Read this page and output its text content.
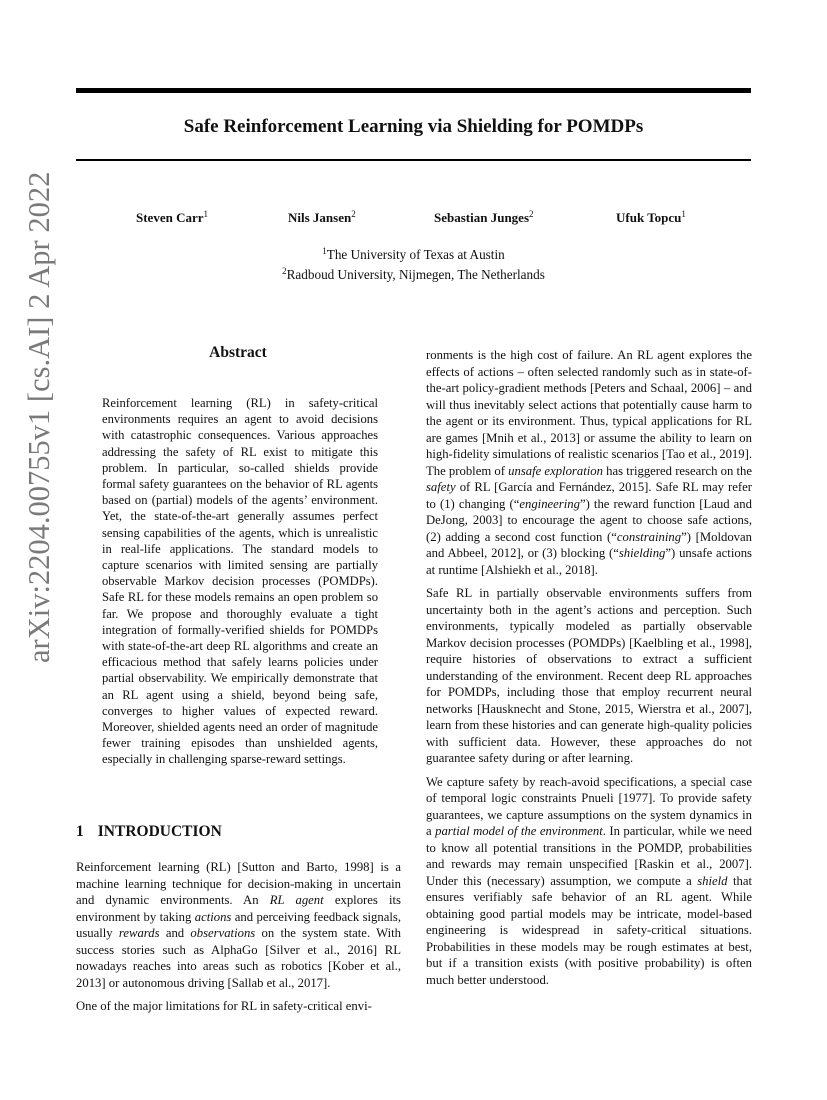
Safe Reinforcement Learning via Shielding for POMDPs
Steven Carr$^1$	Nils Jansen$^2$	Sebastian Junges$^2$	Ufuk Topcu$^1$
$^1$The University of Texas at Austin
$^2$Radboud University, Nijmegen, The Netherlands
arXiv:2204.00755v1 [cs.AI] 2 Apr 2022	Abstract
Reinforcement learning (RL) in safety-critical environments requires an agent to avoid decisions with catastrophic consequences. Various approaches addressing the safety of RL exist to mitigate this problem. In particular, so-called shields provide formal safety guarantees on the behavior of RL agents based on (partial) models of the agents’ environment. Yet, the state-of-the-art generally assumes perfect sensing capabilities of the agents, which is unrealistic in real-life applications. The standard models to capture scenarios with limited sensing are partially observable Markov decision processes (POMDPs). Safe RL for these models remains an open problem so far. We propose and thoroughly evaluate a tight integration of formally-verified shields for POMDPs with state-of-the-art deep RL algorithms and create an efficacious method that safely learns policies under partial observability. We empirically demonstrate that an RL agent using a shield, beyond being safe, converges to higher values of expected reward. Moreover, shielded agents need an order of magnitude fewer training episodes than unshielded agents, especially in challenging sparse-reward settings.
1 INTRODUCTION

Reinforcement learning (RL) [Sutton and Barto, 1998] is a machine learning technique for decision-making in uncertain and dynamic environments. An RL agent explores its environment by taking actions and perceiving feedback signals, usually rewards and observations on the system state. With success stories such as AlphaGo [Silver et al., 2016] RL nowadays reaches into areas such as robotics [Kober et al., 2013] or autonomous driving [Sallab et al., 2017].

One of the major limitations for RL in safety-critical envi-

ronments is the high cost of failure. An RL agent explores the effects of actions – often selected randomly such as in state-of-the-art policy-gradient methods [Peters and Schaal, 2006] – and will thus inevitably select actions that potentially cause harm to the agent or its environment. Thus, typical applications for RL are games [Mnih et al., 2013] or assume the ability to learn on high-fidelity simulations of realistic scenarios [Tao et al., 2019]. The problem of unsafe exploration has triggered research on the safety of RL [García and Fernández, 2015]. Safe RL may refer to (1) changing (“engineering”) the reward function [Laud and DeJong, 2003] to encourage the agent to choose safe actions, (2) adding a second cost function (“constraining”) [Moldovan and Abbeel, 2012], or (3) blocking (“shielding”) unsafe actions at runtime [Alshiekh et al., 2018].

Safe RL in partially observable environments suffers from uncertainty both in the agent’s actions and perception. Such environments, typically modeled as partially observable Markov decision processes (POMDPs) [Kaelbling et al., 1998], require histories of observations to extract a sufficient understanding of the environment. Recent deep RL approaches for POMDPs, including those that employ recurrent neural networks [Hausknecht and Stone, 2015, Wierstra et al., 2007], learn from these histories and can generate high-quality policies with sufficient data. However, these approaches do not guarantee safety during or after learning.

We capture safety by reach-avoid specifications, a special case of temporal logic constraints Pnueli [1977]. To provide safety guarantees, we capture assumptions on the system dynamics in a partial model of the environment. In particular, while we need to know all potential transitions in the POMDP, probabilities and rewards may remain unspecified [Raskin et al., 2007]. Under this (necessary) assumption, we compute a shield that ensures verifiably safe behavior of an RL agent. While obtaining good partial models may be intricate, model-based engineering is widespread in safety-critical situations. Probabilities in these models may be rough estimates at best, but if a transition exists (with positive probability) is often much better understood.
